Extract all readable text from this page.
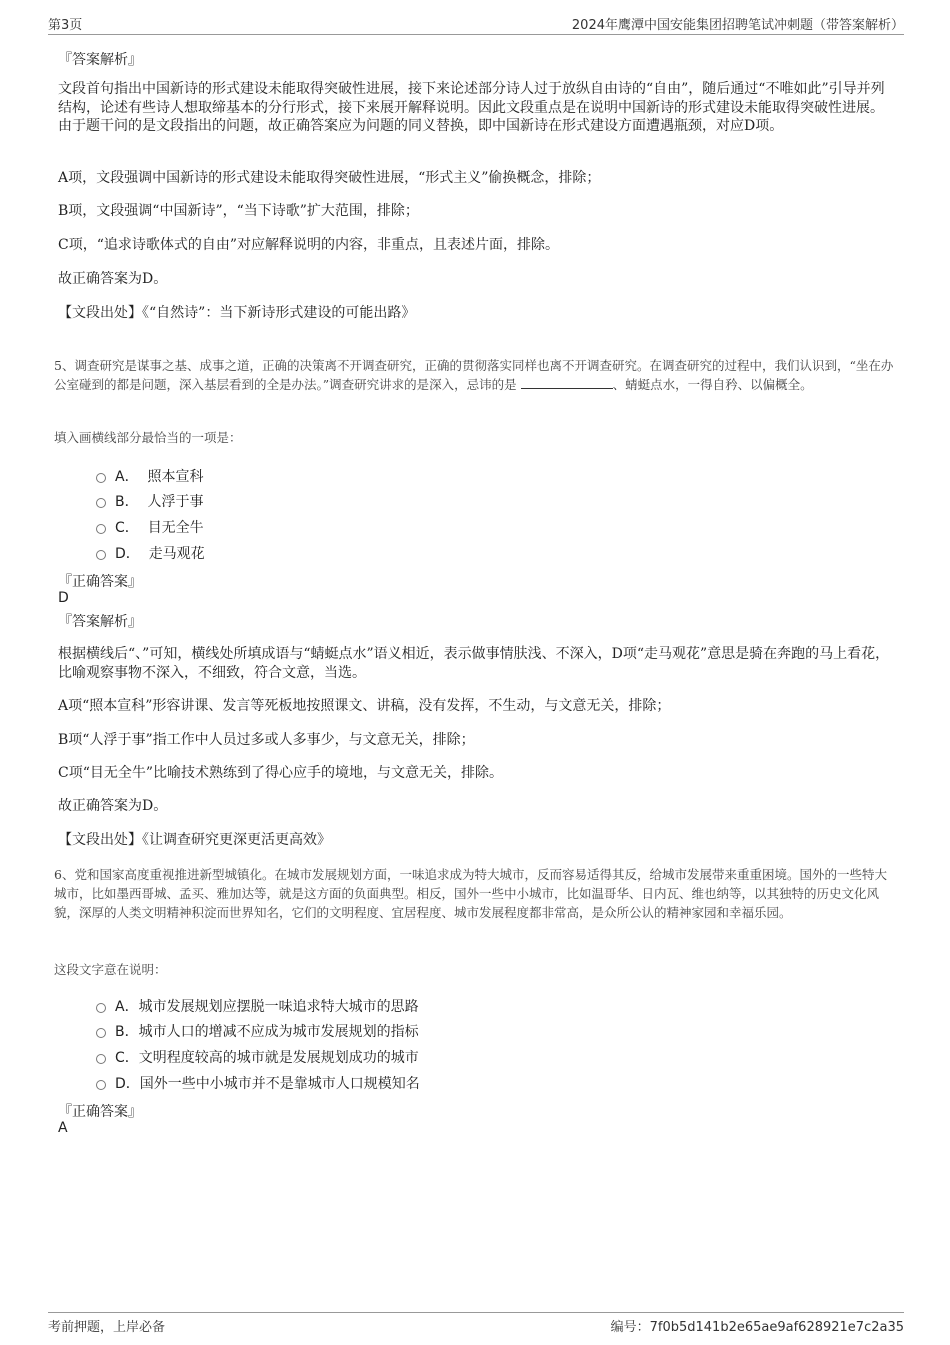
第3页	2024年鹰潭中国安能集团招聘笔试冲刺题（带答案解析）
『答案解析』
文段首句指出中国新诗的形式建设未能取得突破性进展，接下来论述部分诗人过于放纵自由诗的“自由”，随后通过“不唯如此”引导并列结构，论述有些诗人想取缔基本的分行形式，接下来展开解释说明。因此文段重点是在说明中国新诗的形式建设未能取得突破性进展。由于题干问的是文段指出的问题，故正确答案应为问题的同义替换，即中国新诗在形式建设方面遭遇瓶颈，对应D项。
A项，文段强调中国新诗的形式建设未能取得突破性进展，“形式主义”偷换概念，排除；
B项，文段强调“中国新诗”，“当下诗歌”扩大范围，排除；
C项，“追求诗歌体式的自由”对应解释说明的内容，非重点，且表述片面，排除。
故正确答案为D。
【文段出处】《“自然诗”：当下新诗形式建设的可能出路》
5、调查研究是谋事之基、成事之道，正确的决策离不开调查研究，正确的贯彻落实同样也离不开调查研究。在调查研究的过程中，我们认识到，“坐在办公室碰到的都是问题，深入基层看到的全是办法。”调查研究讲求的是深入，忌讳的是	、蜻蜓点水，一得自矜、以偏概全。
填入画横线部分最恰当的一项是：
A． 照本宣科
B． 人浮于事
C． 目无全牛
D． 走马观花
『正确答案』
D
『答案解析』
根据横线后“、”可知，横线处所填成语与“蜻蜓点水”语义相近，表示做事情肤浅、不深入，D项“走马观花”意思是骑在奔跑的马上看花，比喻观察事物不深入，不细致，符合文意，当选。
A项“照本宣科”形容讲课、发言等死板地按照课文、讲稿，没有发挥，不生动，与文意无关，排除；
B项“人浮于事”指工作中人员过多或人多事少，与文意无关，排除；
C项“目无全牛”比喻技术熟练到了得心应手的境地，与文意无关，排除。
故正确答案为D。
【文段出处】《让调查研究更深更活更高效》
6、党和国家高度重视推进新型城镇化。在城市发展规划方面，一味追求成为特大城市，反而容易适得其反，给城市发展带来重重困境。国外的一些特大城市，比如墨西哥城、孟买、雅加达等，就是这方面的负面典型。相反，国外一些中小城市，比如温哥华、日内瓦、维也纳等，以其独特的历史文化风貌，深厚的人类文明精神积淀而世界知名，它们的文明程度、宜居程度、城市发展程度都非常高，是众所公认的精神家园和幸福乐园。
这段文字意在说明：
A．城市发展规划应摆脱一味追求特大城市的思路
B．城市人口的增减不应成为城市发展规划的指标
C．文明程度较高的城市就是发展规划成功的城市
D．国外一些中小城市并不是靠城市人口规模知名
『正确答案』
A
考前押题，上岸必备	编号：7f0b5d141b2e65ae9af628921e7c2a35
